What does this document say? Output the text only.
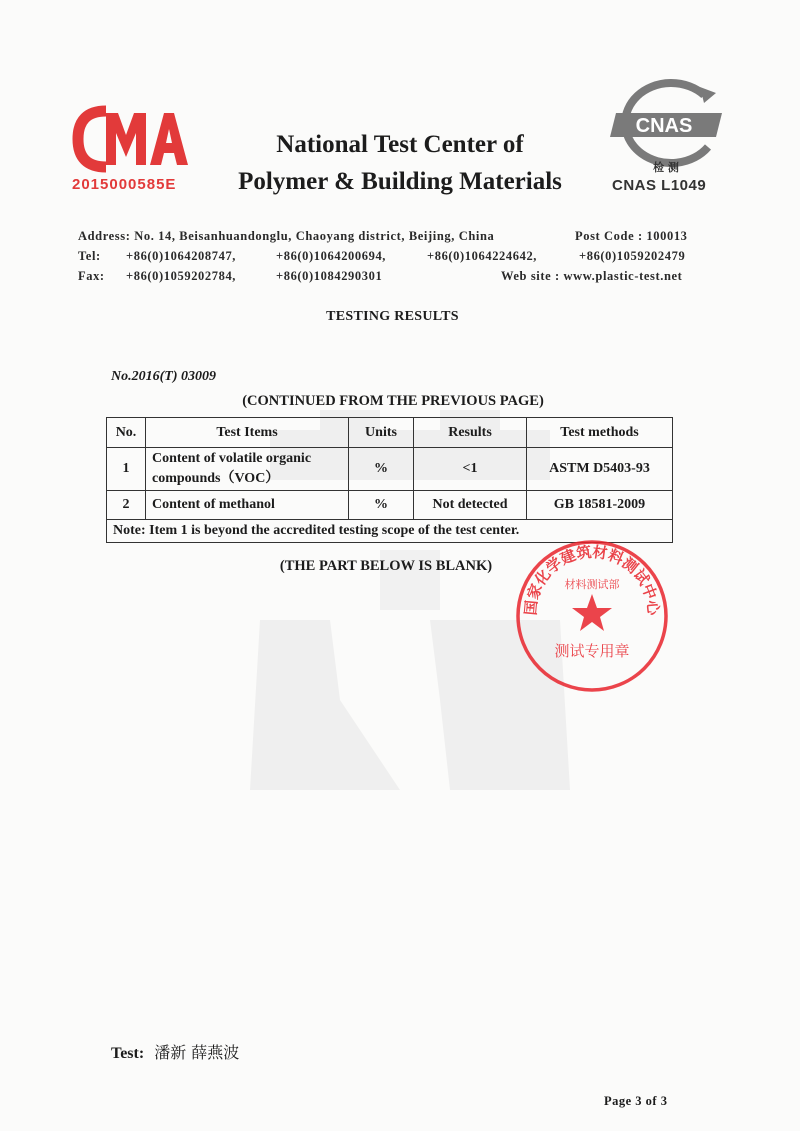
2015000585E
National Test Center of
Polymer & Building Materials
CNAS
检 测
CNAS L1049
Address: No. 14, Beisanhuandonglu, Chaoyang district, Beijing, China	Post Code : 100013
Tel: +86(0)1064208747,	+86(0)1064200694,	+86(0)1064224642,	+86(0)1059202479
Fax: +86(0)1059202784,	+86(0)1084290301	Web site : www.plastic-test.net
TESTING RESULTS
No.2016(T) 03009
(CONTINUED FROM THE PREVIOUS PAGE)
No.	Test Items	Units	Results	Test methods
1	Content of volatile organic compounds（VOC）	%	<1	ASTM D5403-93
2	Content of methanol	%	Not detected	GB 18581-2009
Note: Item 1 is beyond the accredited testing scope of the test center.				
(THE PART BELOW IS BLANK)
国家化学建筑材料测试中心
材料测试部
测试专用章
Test: 潘新 薛燕波
Page 3 of 3
